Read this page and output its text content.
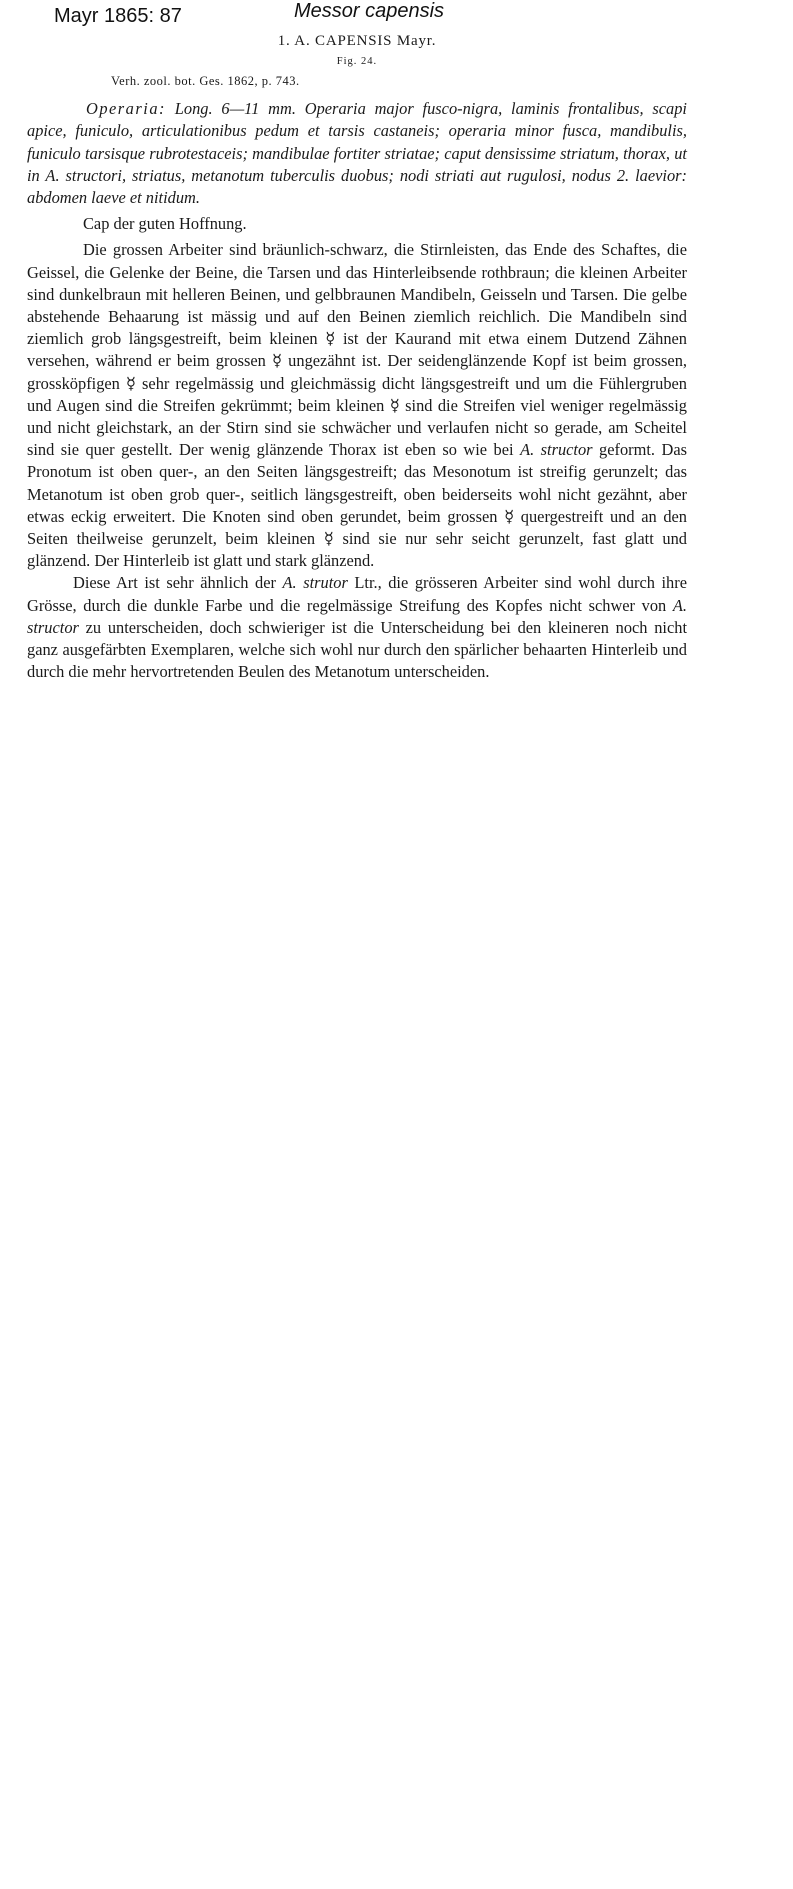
Mayr 1865: 87	Messor capensis
1. A. CAPENSIS Mayr.
Fig. 24.
Verh. zool. bot. Ges. 1862, p. 743.

Operaria: Long. 6—11 mm. Operaria major fusco-nigra, laminis frontalibus, scapi apice, funiculo, articulationibus pedum et tarsis castaneis; operaria minor fusca, mandibulis, funiculo tarsisque rubrotestaceis; mandibulae fortiter striatae; caput densissime striatum, thorax, ut in A. structori, striatus, metanotum tuberculis duobus; nodi striati aut rugulosi, nodus 2. laevior: abdomen laeve et nitidum.

Cap der guten Hoffnung.

Die grossen Arbeiter sind bräunlich-schwarz, die Stirnleisten, das Ende des Schaftes, die Geissel, die Gelenke der Beine, die Tarsen und das Hinterleibsende rothbraun; die kleinen Arbeiter sind dunkelbraun mit helleren Beinen, und gelbbraunen Mandibeln, Geisseln und Tarsen. Die gelbe abstehende Behaarung ist mässig und auf den Beinen ziemlich reichlich. Die Mandibeln sind ziemlich grob längsgestreift, beim kleinen ☿ ist der Kaurand mit etwa einem Dutzend Zähnen versehen, während er beim grossen ☿ ungezähnt ist. Der seidenglänzende Kopf ist beim grossen, grossköpfigen ☿ sehr regelmässig und gleichmässig dicht längsgestreift und um die Fühlergruben und Augen sind die Streifen gekrümmt; beim kleinen ☿ sind die Streifen viel weniger regelmässig und nicht gleichstark, an der Stirn sind sie schwächer und verlaufen nicht so gerade, am Scheitel sind sie quer gestellt. Der wenig glänzende Thorax ist eben so wie bei A. structor geformt. Das Pronotum ist oben quer-, an den Seiten längsgestreift; das Mesonotum ist streifig gerunzelt; das Metanotum ist oben grob quer-, seitlich längsgestreift, oben beiderseits wohl nicht gezähnt, aber etwas eckig erweitert. Die Knoten sind oben gerundet, beim grossen ☿ quergestreift und an den Seiten theilweise gerunzelt, beim kleinen ☿ sind sie nur sehr seicht gerunzelt, fast glatt und glänzend. Der Hinterleib ist glatt und stark glänzend.

Diese Art ist sehr ähnlich der A. strutor Ltr., die grösseren Arbeiter sind wohl durch ihre Grösse, durch die dunkle Farbe und die regelmässige Streifung des Kopfes nicht schwer von A. structor zu unterscheiden, doch schwieriger ist die Unterscheidung bei den kleineren noch nicht ganz ausgefärbten Exemplaren, welche sich wohl nur durch den spärlicher behaarten Hinterleib und durch die mehr hervortretenden Beulen des Metanotum unterscheiden.
